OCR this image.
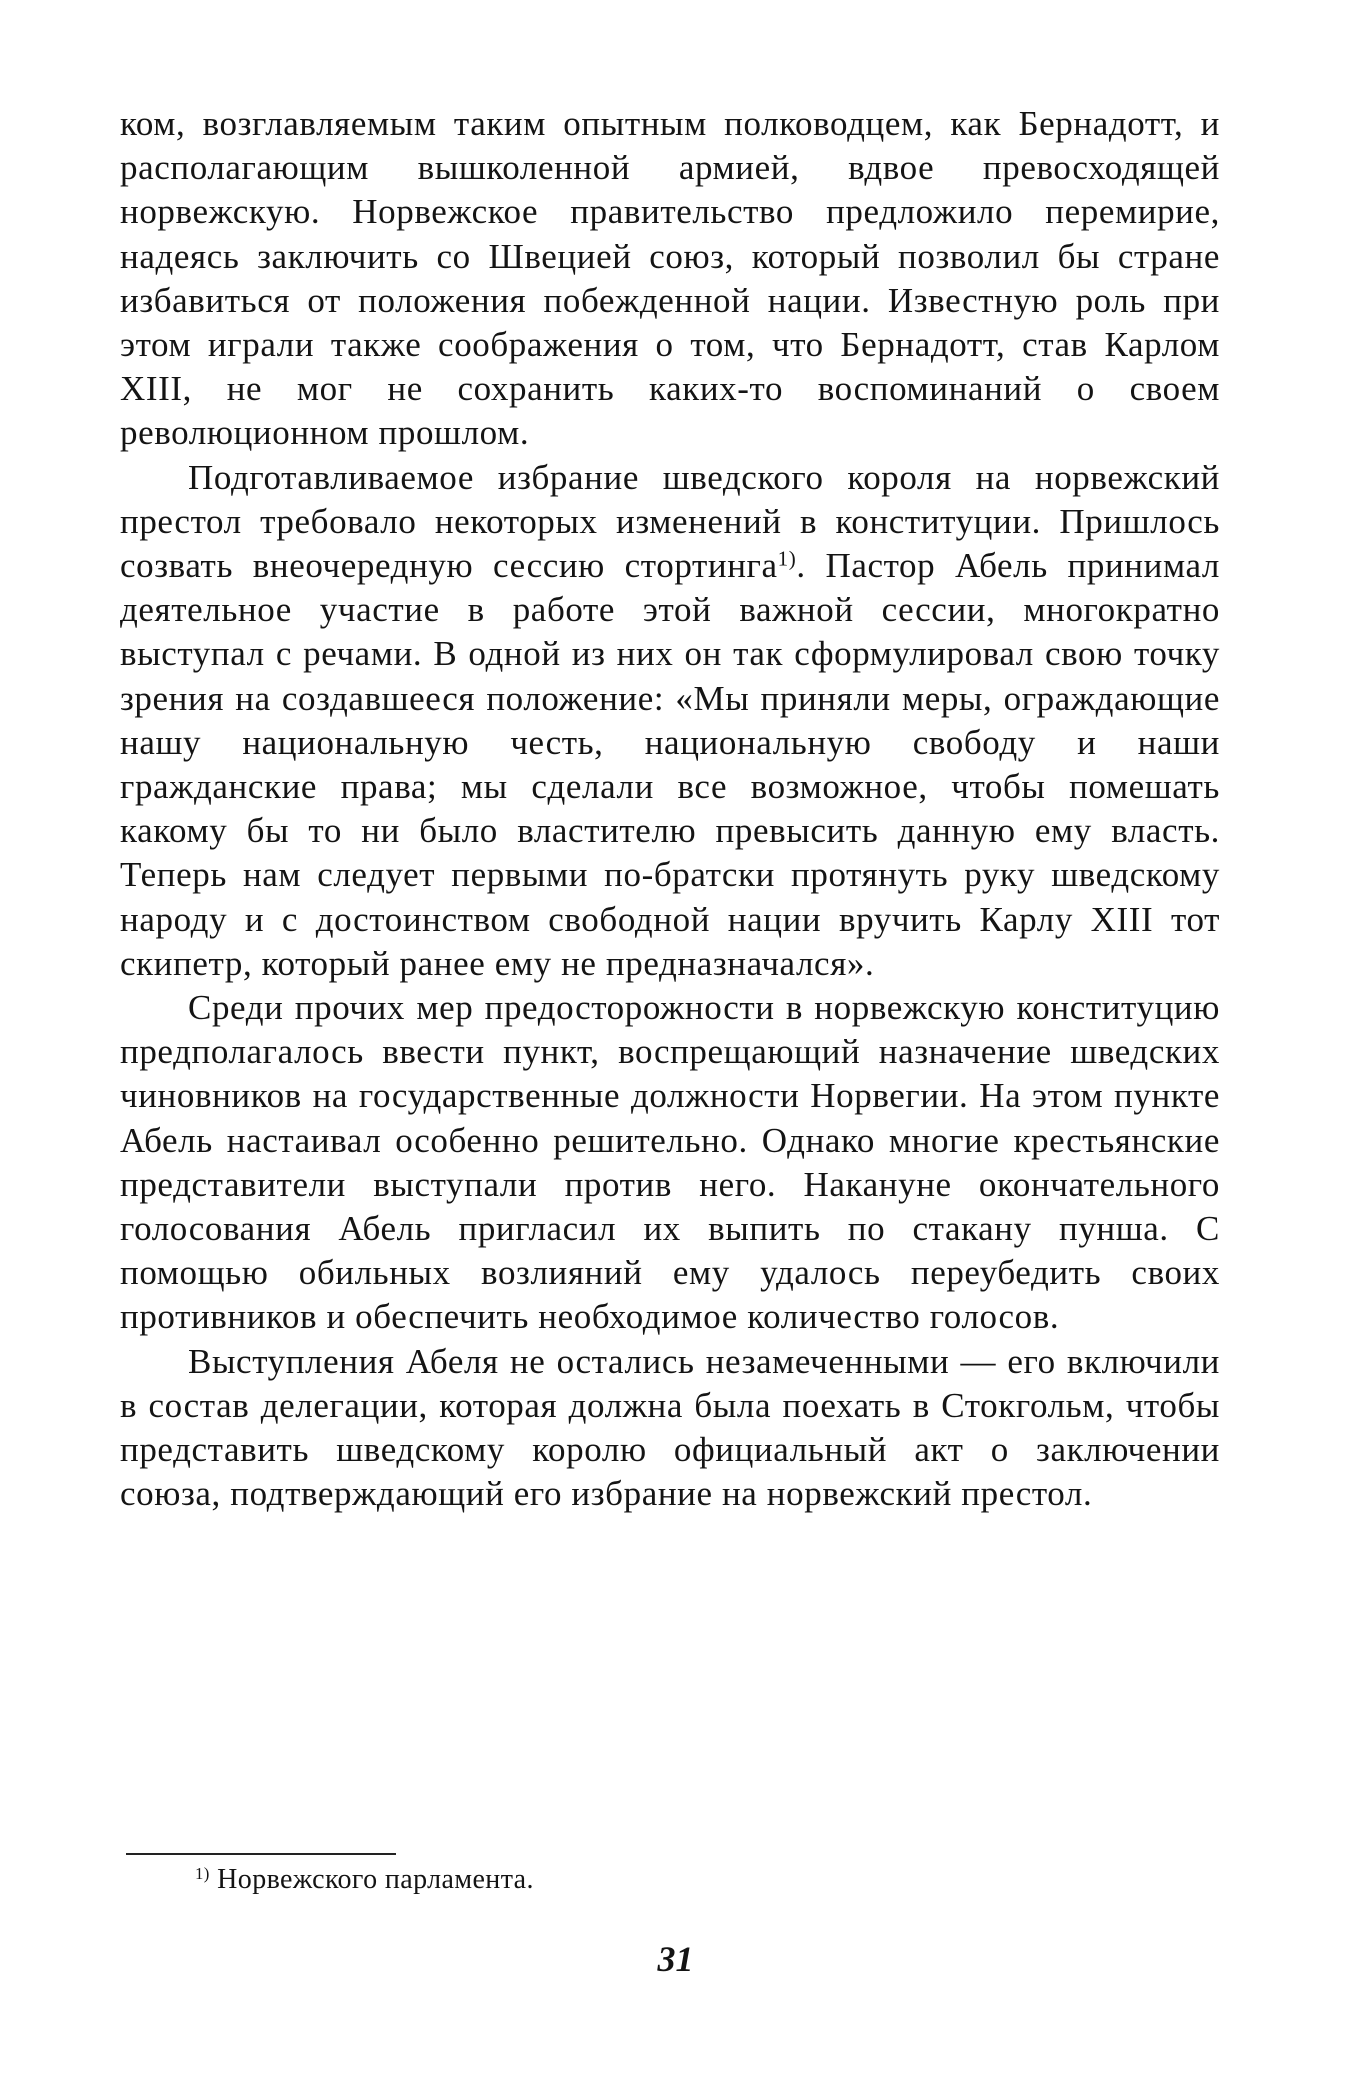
ком, возглавляемым таким опытным полководцем, как Бернадотт, и располагающим вышколенной армией, вдвое превосходящей норвежскую. Норвежское правительство предложило перемирие, надеясь заключить со Швецией союз, который позволил бы стране избавиться от положения побежденной нации. Известную роль при этом играли также соображения о том, что Бернадотт, став Карлом XIII, не мог не сохранить каких-то воспоминаний о своем революционном прошлом.

Подготавливаемое избрание шведского короля на норвежский престол требовало некоторых изменений в конституции. Пришлось созвать внеочередную сессию стортинга$^{1)}$. Пастор Абель принимал деятельное участие в работе этой важной сессии, многократно выступал с речами. В одной из них он так сформулировал свою точку зрения на создавшееся положение: «Мы приняли меры, ограждающие нашу национальную честь, национальную свободу и наши гражданские права; мы сделали все возможное, чтобы помешать какому бы то ни было властителю превысить данную ему власть. Теперь нам следует первыми по-братски протянуть руку шведскому народу и с достоинством свободной нации вручить Карлу XIII тот скипетр, который ранее ему не предназначался».

Среди прочих мер предосторожности в норвежскую конституцию предполагалось ввести пункт, воспрещающий назначение шведских чиновников на государственные должности Норвегии. На этом пункте Абель настаивал особенно решительно. Однако многие крестьянские представители выступали против него. Накануне окончательного голосования Абель пригласил их выпить по стакану пунша. С помощью обильных возлияний ему удалось переубедить своих противников и обеспечить необходимое количество голосов.

Выступления Абеля не остались незамеченными — его включили в состав делегации, которая должна была поехать в Стокгольм, чтобы представить шведскому королю официальный акт о заключении союза, подтверждающий его избрание на норвежский престол.

$^{1)}$ Норвежского парламента.
31
